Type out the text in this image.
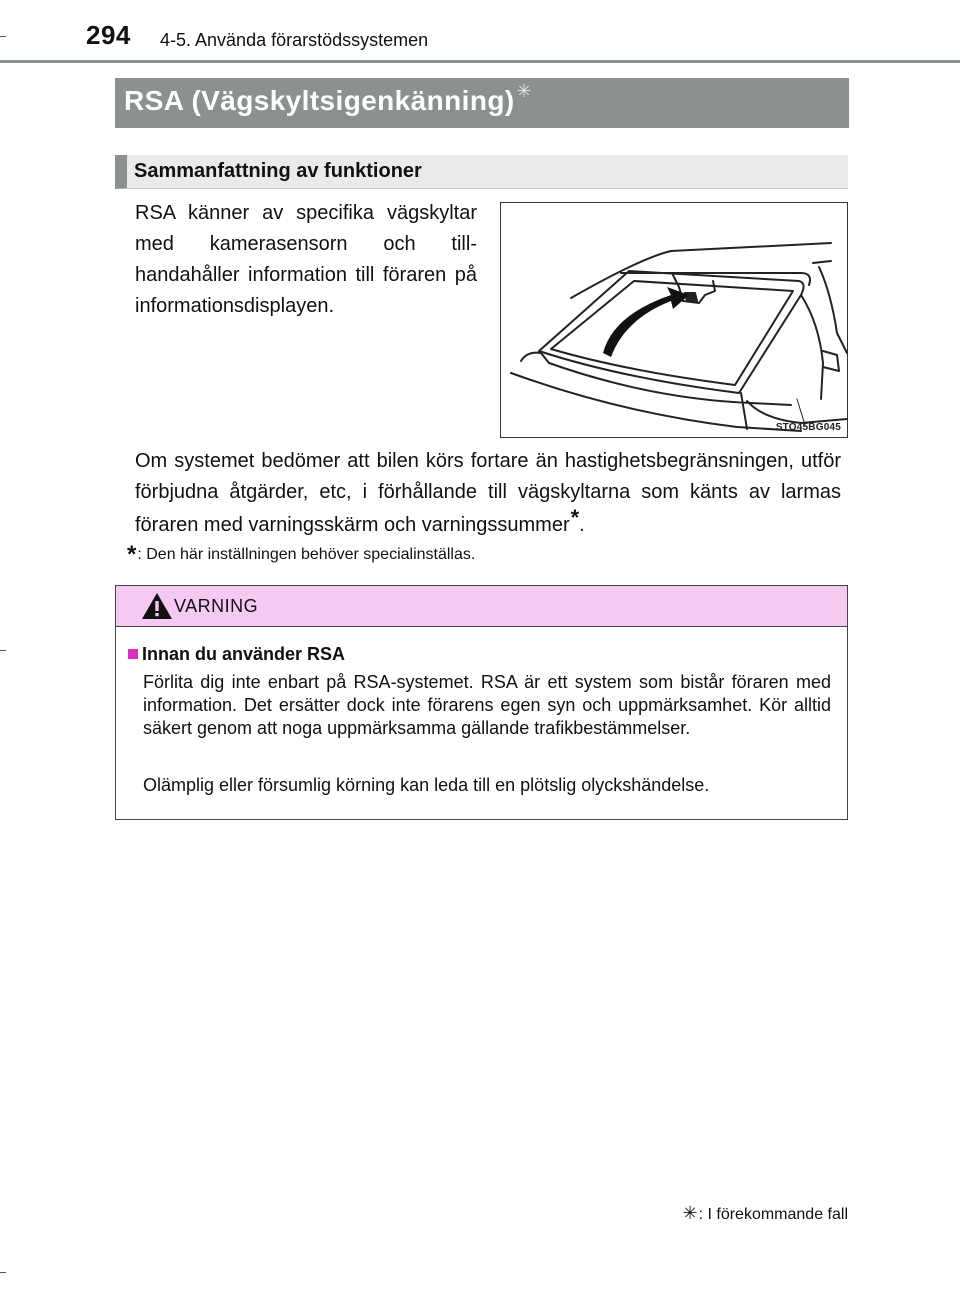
294 4-5. Använda förarstödssystemen
RSA (Vägskyltsigenkänning) ✳
Sammanfattning av funktioner
RSA känner av specifika vägskyltar med kamerasensorn och tillhandahåller information till föraren på informationsdisplayen.
STO45BG045
Om systemet bedömer att bilen körs fortare än hastighetsbegränsningen, utför förbjudna åtgärder, etc, i förhållande till vägskyltarna som känts av larmas föraren med varningsskärm och varningssummer*.
*: Den här inställningen behöver specialinställas.
VARNING
Innan du använder RSA
Förlita dig inte enbart på RSA-systemet. RSA är ett system som bistår föraren med information. Det ersätter dock inte förarens egen syn och uppmärksamhet. Kör alltid säkert genom att noga uppmärksamma gällande trafikbestämmelser.
Olämplig eller försumlig körning kan leda till en plötslig olyckshändelse.
✳: I förekommande fall
